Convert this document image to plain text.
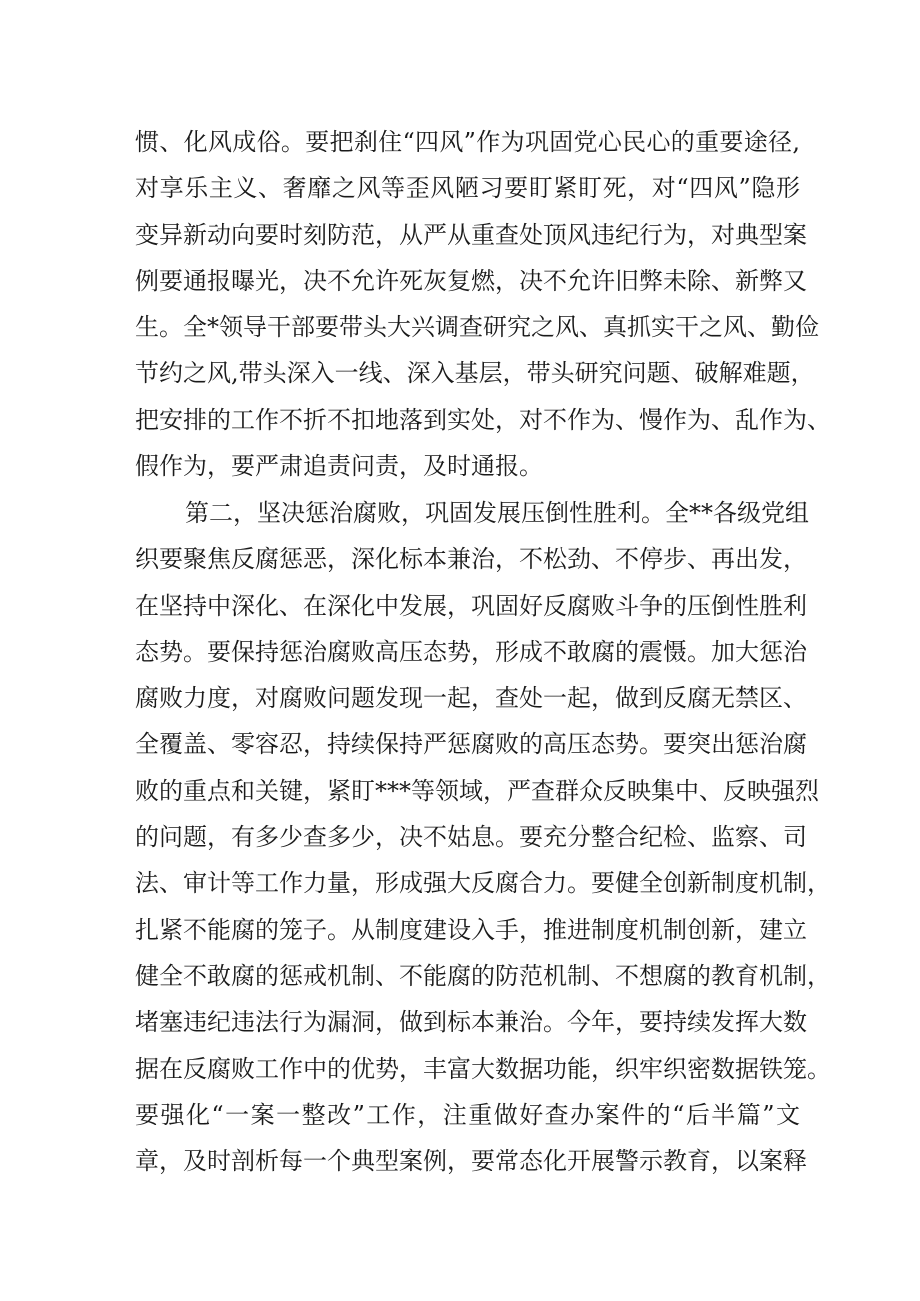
惯、化风成俗。要把刹住“四风”作为巩固党心民心的重要途径,
对享乐主义、奢靡之风等歪风陋习要盯紧盯死，对“四风”隐形
变异新动向要时刻防范，从严从重查处顶风违纪行为，对典型案
例要通报曝光，决不允许死灰复燃，决不允许旧弊未除、新弊又
生。全*领导干部要带头大兴调查研究之风、真抓实干之风、勤俭
节约之风,带头深入一线、深入基层，带头研究问题、破解难题，
把安排的工作不折不扣地落到实处，对不作为、慢作为、乱作为、
假作为，要严肃追责问责，及时通报。
第二，坚决惩治腐败，巩固发展压倒性胜利。全**各级党组
织要聚焦反腐惩恶，深化标本兼治，不松劲、不停步、再出发，
在坚持中深化、在深化中发展，巩固好反腐败斗争的压倒性胜利
态势。要保持惩治腐败高压态势，形成不敢腐的震慑。加大惩治
腐败力度，对腐败问题发现一起，查处一起，做到反腐无禁区、
全覆盖、零容忍，持续保持严惩腐败的高压态势。要突出惩治腐
败的重点和关键，紧盯***等领域，严查群众反映集中、反映强烈
的问题，有多少查多少，决不姑息。要充分整合纪检、监察、司
法、审计等工作力量，形成强大反腐合力。要健全创新制度机制，
扎紧不能腐的笼子。从制度建设入手，推进制度机制创新，建立
健全不敢腐的惩戒机制、不能腐的防范机制、不想腐的教育机制，
堵塞违纪违法行为漏洞，做到标本兼治。今年，要持续发挥大数
据在反腐败工作中的优势，丰富大数据功能，织牢织密数据铁笼。
要强化“一案一整改”工作，注重做好查办案件的“后半篇”文
章，及时剖析每一个典型案例，要常态化开展警示教育，以案释
